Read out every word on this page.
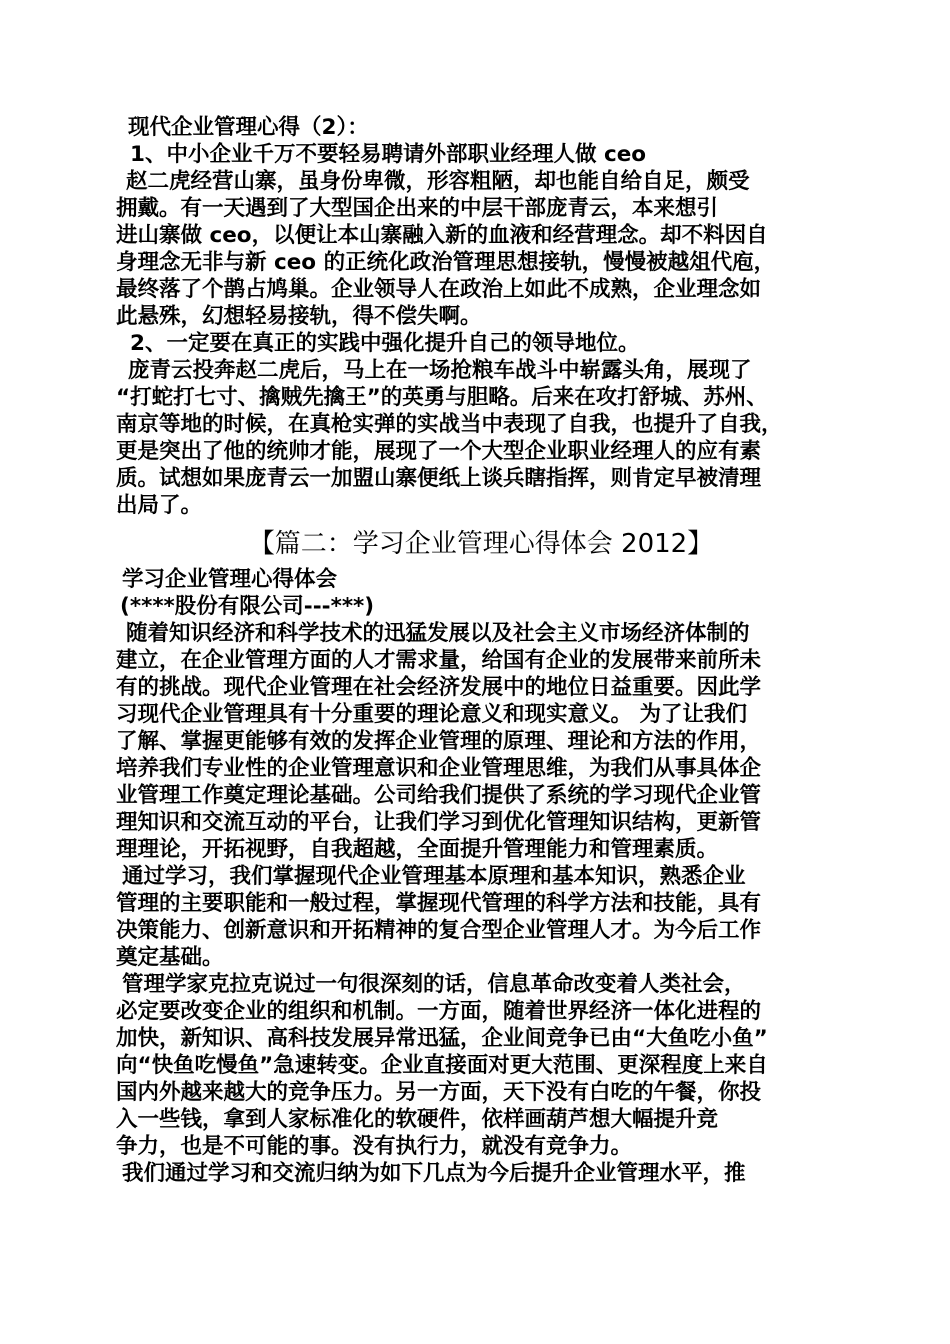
现代企业管理心得（2）：
1、中小企业千万不要轻易聘请外部职业经理人做 ceo
赵二虎经营山寨，虽身份卑微，形容粗陋，却也能自给自足，颇受
拥戴。有一天遇到了大型国企出来的中层干部庞青云，本来想引
进山寨做 ceo，以便让本山寨融入新的血液和经营理念。却不料因自
身理念无非与新 ceo 的正统化政治管理思想接轨，慢慢被越俎代庖，
最终落了个鹊占鸠巢。企业领导人在政治上如此不成熟，企业理念如
此悬殊，幻想轻易接轨，得不偿失啊。
2、一定要在真正的实践中强化提升自己的领导地位。
庞青云投奔赵二虎后，马上在一场抢粮车战斗中崭露头角，展现了
“打蛇打七寸、擒贼先擒王”的英勇与胆略。后来在攻打舒城、苏州、
南京等地的时候，在真枪实弹的实战当中表现了自我，也提升了自我，
更是突出了他的统帅才能，展现了一个大型企业职业经理人的应有素
质。试想如果庞青云一加盟山寨便纸上谈兵瞎指挥，则肯定早被清理
出局了。
【篇二：学习企业管理心得体会 2012】
学习企业管理心得体会
(****股份有限公司---***)
随着知识经济和科学技术的迅猛发展以及社会主义市场经济体制的
建立，在企业管理方面的人才需求量，给国有企业的发展带来前所未
有的挑战。现代企业管理在社会经济发展中的地位日益重要。因此学
习现代企业管理具有十分重要的理论意义和现实意义。 为了让我们
了解、掌握更能够有效的发挥企业管理的原理、理论和方法的作用，
培养我们专业性的企业管理意识和企业管理思维，为我们从事具体企
业管理工作奠定理论基础。公司给我们提供了系统的学习现代企业管
理知识和交流互动的平台，让我们学习到优化管理知识结构，更新管
理理论，开拓视野，自我超越，全面提升管理能力和管理素质。
通过学习，我们掌握现代企业管理基本原理和基本知识，熟悉企业
管理的主要职能和一般过程，掌握现代管理的科学方法和技能，具有
决策能力、创新意识和开拓精神的复合型企业管理人才。为今后工作
奠定基础。
管理学家克拉克说过一句很深刻的话，信息革命改变着人类社会，
必定要改变企业的组织和机制。一方面，随着世界经济一体化进程的
加快，新知识、高科技发展异常迅猛，企业间竞争已由“大鱼吃小鱼”
向“快鱼吃慢鱼”急速转变。企业直接面对更大范围、更深程度上来自
国内外越来越大的竞争压力。另一方面，天下没有白吃的午餐，你投
入一些钱，拿到人家标准化的软硬件，依样画葫芦想大幅提升竞
争力，也是不可能的事。没有执行力，就没有竞争力。
我们通过学习和交流归纳为如下几点为今后提升企业管理水平，推
